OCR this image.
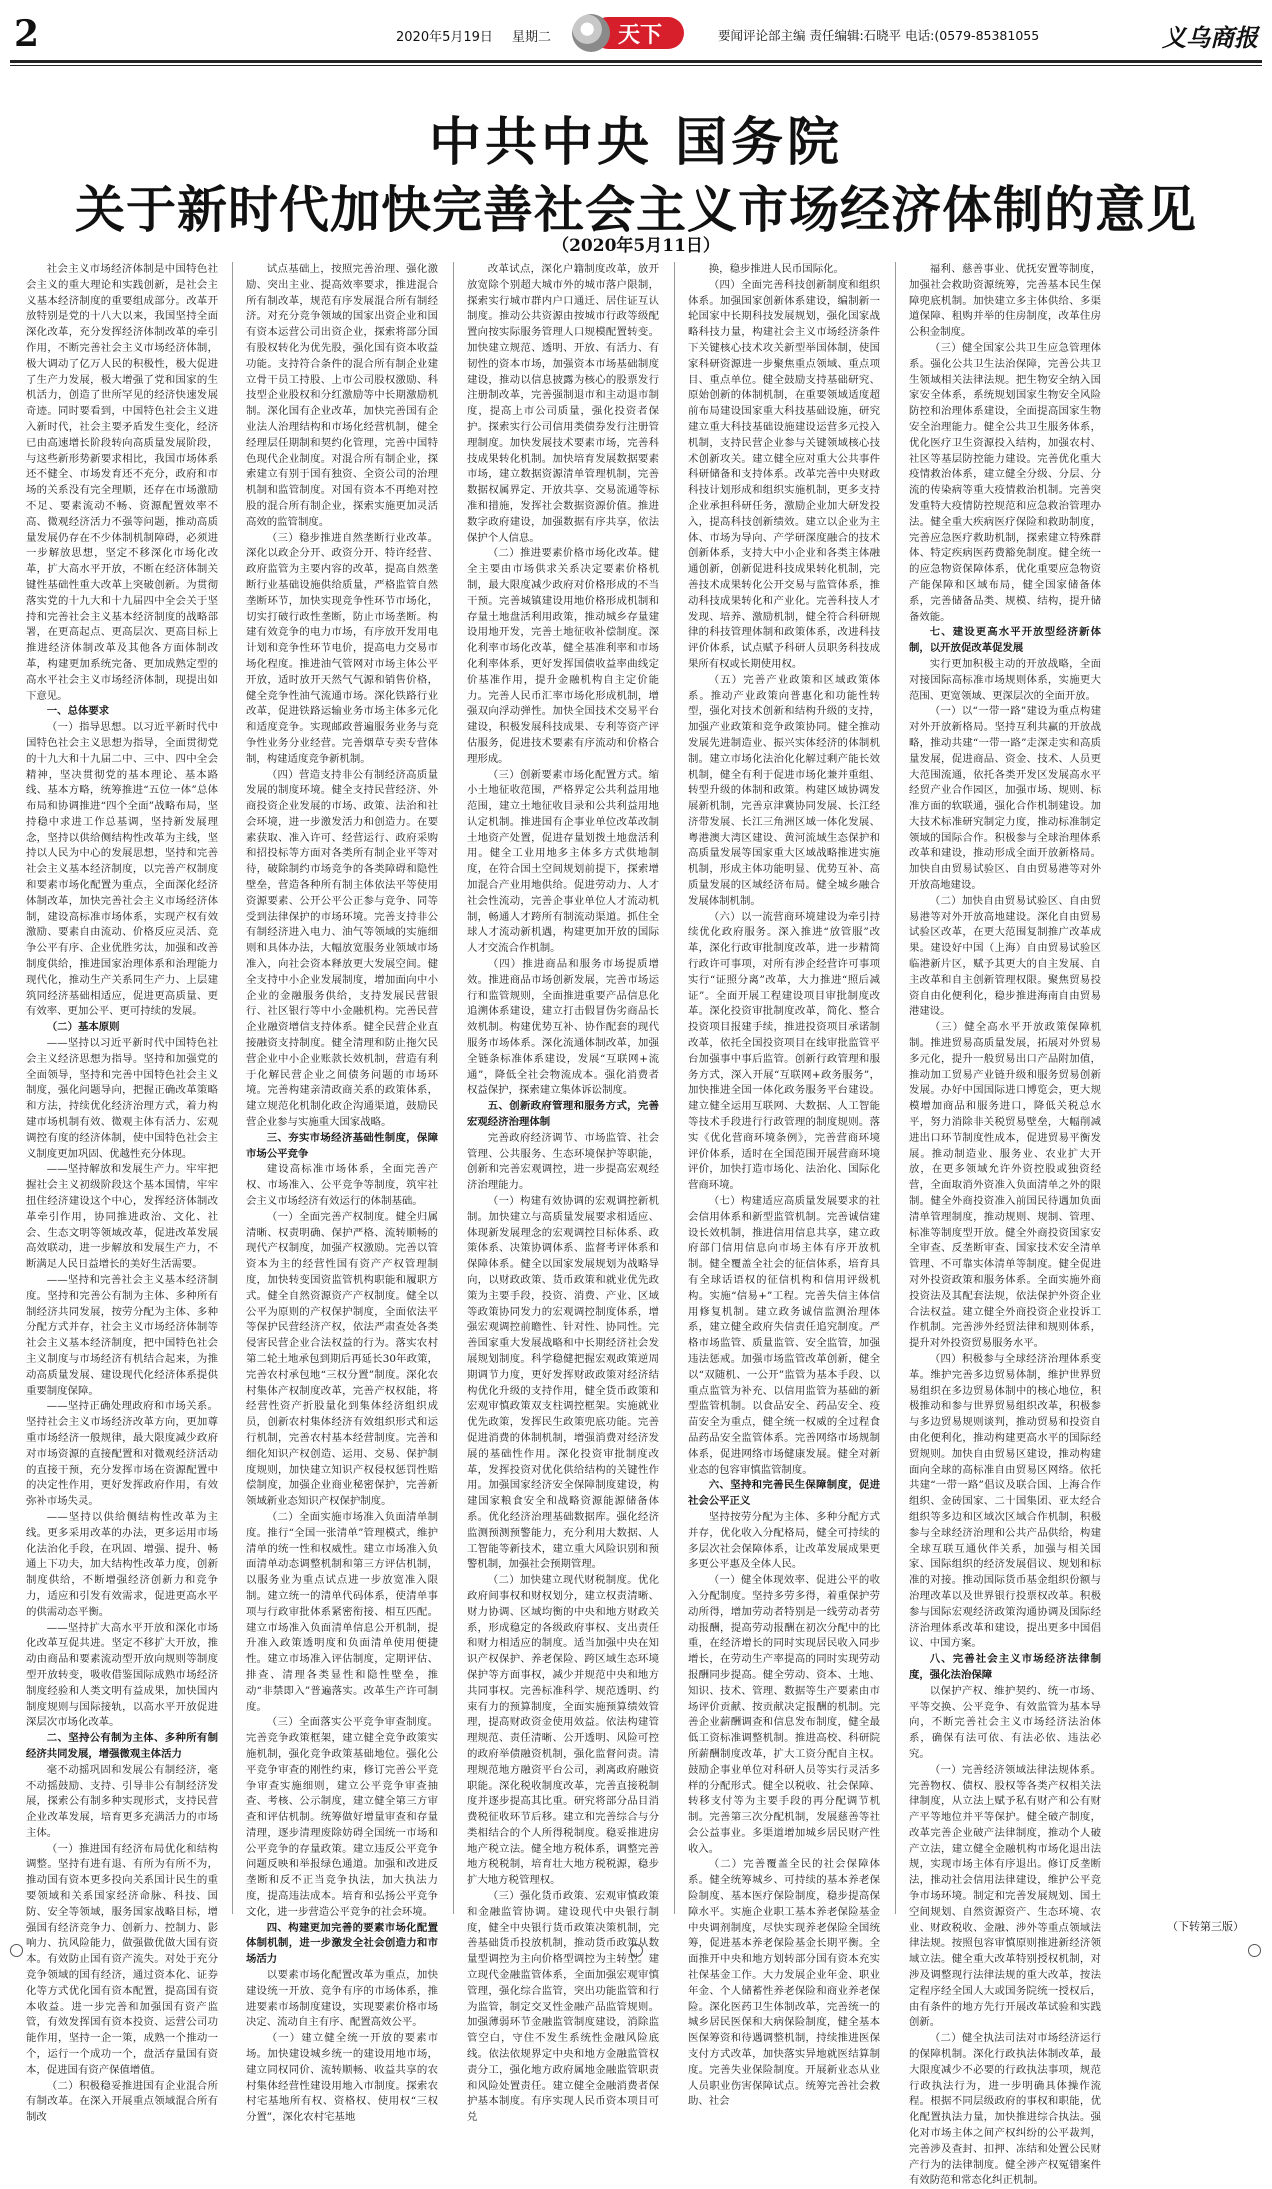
2	2020年5月19日 星期二	天下	要闻评论部主编 责任编辑:石晓平 电话:(0579-85381055	义乌商报
中共中央 国务院
关于新时代加快完善社会主义市场经济体制的意见
（2020年5月11日）

社会主义市场经济体制是中国特色社会主义的重大理论和实践创新，是社会主义基本经济制度的重要组成部分。改革开放特别是党的十八大以来，我国坚持全面深化改革，充分发挥经济体制改革的牵引作用，不断完善社会主义市场经济体制，极大调动了亿万人民的积极性，极大促进了生产力发展，极大增强了党和国家的生机活力，创造了世所罕见的经济快速发展奇迹。同时要看到，中国特色社会主义进入新时代，社会主要矛盾发生变化，经济已由高速增长阶段转向高质量发展阶段，与这些新形势新要求相比，我国市场体系还不健全、市场发育还不充分，政府和市场的关系没有完全理顺，还存在市场激励不足、要素流动不畅、资源配置效率不高、微观经济活力不强等问题，推动高质量发展仍存在不少体制机制障碍，必须进一步解放思想，坚定不移深化市场化改革，扩大高水平开放，不断在经济体制关键性基础性重大改革上突破创新。为贯彻落实党的十九大和十九届四中全会关于坚持和完善社会主义基本经济制度的战略部署，在更高起点、更高层次、更高目标上推进经济体制改革及其他各方面体制改革，构建更加系统完备、更加成熟定型的高水平社会主义市场经济体制，现提出如下意见。

一、总体要求

（一）指导思想。以习近平新时代中国特色社会主义思想为指导，全面贯彻党的十九大和十九届二中、三中、四中全会精神，坚决贯彻党的基本理论、基本路线、基本方略，统筹推进“五位一体”总体布局和协调推进“四个全面”战略布局，坚持稳中求进工作总基调，坚持新发展理念，坚持以供给侧结构性改革为主线，坚持以人民为中心的发展思想，坚持和完善社会主义基本经济制度，以完善产权制度和要素市场化配置为重点，全面深化经济体制改革，加快完善社会主义市场经济体制，建设高标准市场体系，实现产权有效激励、要素自由流动、价格反应灵活、竞争公平有序、企业优胜劣汰，加强和改善制度供给，推进国家治理体系和治理能力现代化，推动生产关系同生产力、上层建筑同经济基础相适应，促进更高质量、更有效率、更加公平、更可持续的发展。

（二）基本原则

——坚持以习近平新时代中国特色社会主义经济思想为指导。坚持和加强党的全面领导，坚持和完善中国特色社会主义制度，强化问题导向，把握正确改革策略和方法，持续优化经济治理方式，着力构建市场机制有效、微观主体有活力、宏观调控有度的经济体制，使中国特色社会主义制度更加巩固、优越性充分体现。

——坚持解放和发展生产力。牢牢把握社会主义初级阶段这个基本国情，牢牢扭住经济建设这个中心，发挥经济体制改革牵引作用，协同推进政治、文化、社会、生态文明等领域改革，促进改革发展高效联动，进一步解放和发展生产力，不断满足人民日益增长的美好生活需要。

——坚持和完善社会主义基本经济制度。坚持和完善公有制为主体、多种所有制经济共同发展，按劳分配为主体、多种分配方式并存，社会主义市场经济体制等社会主义基本经济制度，把中国特色社会主义制度与市场经济有机结合起来，为推动高质量发展、建设现代化经济体系提供重要制度保障。

——坚持正确处理政府和市场关系。坚持社会主义市场经济改革方向，更加尊重市场经济一般规律，最大限度减少政府对市场资源的直接配置和对微观经济活动的直接干预，充分发挥市场在资源配置中的决定性作用，更好发挥政府作用，有效弥补市场失灵。

——坚持以供给侧结构性改革为主线。更多采用改革的办法，更多运用市场化法治化手段，在巩固、增强、提升、畅通上下功夫，加大结构性改革力度，创新制度供给，不断增强经济创新力和竞争力，适应和引发有效需求，促进更高水平的供需动态平衡。

——坚持扩大高水平开放和深化市场化改革互促共进。坚定不移扩大开放，推动由商品和要素流动型开放向规则等制度型开放转变，吸收借鉴国际成熟市场经济制度经验和人类文明有益成果，加快国内制度规则与国际接轨，以高水平开放促进深层次市场化改革。

二、坚持公有制为主体、多种所有制经济共同发展，增强微观主体活力

毫不动摇巩固和发展公有制经济，毫不动摇鼓励、支持、引导非公有制经济发展，探索公有制多种实现形式，支持民营企业改革发展，培育更多充满活力的市场主体。

（一）推进国有经济布局优化和结构调整。坚持有进有退、有所为有所不为，推动国有资本更多投向关系国计民生的重要领域和关系国家经济命脉、科技、国防、安全等领域，服务国家战略目标，增强国有经济竞争力、创新力、控制力、影响力、抗风险能力，做强做优做大国有资本。有效防止国有资产流失。对处于充分竞争领域的国有经济，通过资本化、证券化等方式优化国有资本配置，提高国有资本收益。进一步完善和加强国有资产监管，有效发挥国有资本投资、运营公司功能作用，坚持一企一策，成熟一个推动一个，运行一个成功一个，盘活存量国有资本，促进国有资产保值增值。

（二）积极稳妥推进国有企业混合所有制改革。在深入开展重点领域混合所有制改

试点基础上，按照完善治理、强化激励、突出主业、提高效率要求，推进混合所有制改革，规范有序发展混合所有制经济。对充分竞争领域的国家出资企业和国有资本运营公司出资企业，探索将部分国有股权转化为优先股，强化国有资本收益功能。支持符合条件的混合所有制企业建立骨干员工持股、上市公司股权激励、科技型企业股权和分红激励等中长期激励机制。深化国有企业改革，加快完善国有企业法人治理结构和市场化经营机制，健全经理层任期制和契约化管理，完善中国特色现代企业制度。对混合所有制企业，探索建立有别于国有独资、全资公司的治理机制和监管制度。对国有资本不再绝对控股的混合所有制企业，探索实施更加灵活高效的监管制度。

（三）稳步推进自然垄断行业改革。深化以政企分开、政资分开、特许经营、政府监管为主要内容的改革，提高自然垄断行业基础设施供给质量，严格监管自然垄断环节，加快实现竞争性环节市场化，切实打破行政性垄断，防止市场垄断。构建有效竞争的电力市场，有序放开发用电计划和竞争性环节电价，提高电力交易市场化程度。推进油气管网对市场主体公平开放，适时放开天然气气源和销售价格，健全竞争性油气流通市场。深化铁路行业改革，促进铁路运输业务市场主体多元化和适度竞争。实现邮政普遍服务业务与竞争性业务分业经营。完善烟草专卖专营体制，构建适度竞争新机制。

（四）营造支持非公有制经济高质量发展的制度环境。健全支持民营经济、外商投资企业发展的市场、政策、法治和社会环境，进一步激发活力和创造力。在要素获取、准入许可、经营运行、政府采购和招投标等方面对各类所有制企业平等对待，破除制约市场竞争的各类障碍和隐性壁垒，营造各种所有制主体依法平等使用资源要素、公开公平公正参与竞争、同等受到法律保护的市场环境。完善支持非公有制经济进入电力、油气等领域的实施细则和具体办法，大幅放宽服务业领域市场准入，向社会资本释放更大发展空间。健全支持中小企业发展制度，增加面向中小企业的金融服务供给，支持发展民营银行、社区银行等中小金融机构。完善民营企业融资增信支持体系。健全民营企业直接融资支持制度。健全清理和防止拖欠民营企业中小企业账款长效机制，营造有利于化解民营企业之间债务问题的市场环境。完善构建亲清政商关系的政策体系，建立规范化机制化政企沟通渠道，鼓励民营企业参与实施重大国家战略。

三、夯实市场经济基础性制度，保障市场公平竞争

建设高标准市场体系，全面完善产权、市场准入、公平竞争等制度，筑牢社会主义市场经济有效运行的体制基础。

（一）全面完善产权制度。健全归属清晰、权责明确、保护严格、流转顺畅的现代产权制度，加强产权激励。完善以管资本为主的经营性国有资产产权管理制度，加快转变国资监管机构职能和履职方式。健全自然资源资产产权制度。健全以公平为原则的产权保护制度，全面依法平等保护民营经济产权，依法严肃查处各类侵害民营企业合法权益的行为。落实农村第二轮土地承包到期后再延长30年政策，完善农村承包地“三权分置”制度。深化农村集体产权制度改革，完善产权权能，将经营性资产折股量化到集体经济组织成员，创新农村集体经济有效组织形式和运行机制，完善农村基本经营制度。完善和细化知识产权创造、运用、交易、保护制度规则，加快建立知识产权侵权惩罚性赔偿制度，加强企业商业秘密保护，完善新领域新业态知识产权保护制度。

（二）全面实施市场准入负面清单制度。推行“全国一张清单”管理模式，维护清单的统一性和权威性。建立市场准入负面清单动态调整机制和第三方评估机制，以服务业为重点试点进一步放宽准入限制。建立统一的清单代码体系，使清单事项与行政审批体系紧密衔接、相互匹配。建立市场准入负面清单信息公开机制，提升准入政策透明度和负面清单使用便捷性。建立市场准入评估制度，定期评估、排查、清理各类显性和隐性壁垒，推动“非禁即入”普遍落实。改革生产许可制度。

（三）全面落实公平竞争审查制度。完善竞争政策框架，建立健全竞争政策实施机制，强化竞争政策基础地位。强化公平竞争审查的刚性约束，修订完善公平竞争审查实施细则，建立公平竞争审查抽查、考核、公示制度，建立健全第三方审查和评估机制。统筹做好增量审查和存量清理，逐步清理废除妨碍全国统一市场和公平竞争的存量政策。建立违反公平竞争问题反映和举报绿色通道。加强和改进反垄断和反不正当竞争执法，加大执法力度，提高违法成本。培育和弘扬公平竞争文化，进一步营造公平竞争的社会环境。

四、构建更加完善的要素市场化配置体制机制，进一步激发全社会创造力和市场活力

以要素市场化配置改革为重点，加快建设统一开放、竞争有序的市场体系，推进要素市场制度建设，实现要素价格市场决定、流动自主有序、配置高效公平。

（一）建立健全统一开放的要素市场。加快建设城乡统一的建设用地市场，建立同权同价、流转顺畅、收益共享的农村集体经营性建设用地入市制度。探索农村宅基地所有权、资格权、使用权“三权分置”，深化农村宅基地

改革试点，深化户籍制度改革，放开放宽除个别超大城市外的城市落户限制，探索实行城市群内户口通迁、居住证互认制度。推动公共资源由按城市行政等级配置向按实际服务管理人口规模配置转变。加快建立规范、透明、开放、有活力、有韧性的资本市场，加强资本市场基础制度建设，推动以信息披露为核心的股票发行注册制改革，完善强制退市和主动退市制度，提高上市公司质量，强化投资者保护。探索实行公司信用类债券发行注册管理制度。加快发展技术要素市场，完善科技成果转化机制。加快培育发展数据要素市场，建立数据资源清单管理机制，完善数据权属界定、开放共享、交易流通等标准和措施，发挥社会数据资源价值。推进数字政府建设，加强数据有序共享，依法保护个人信息。

（二）推进要素价格市场化改革。健全主要由市场供求关系决定要素价格机制，最大限度减少政府对价格形成的不当干预。完善城镇建设用地价格形成机制和存量土地盘活利用政策，推动城乡存量建设用地开发，完善土地征收补偿制度。深化利率市场化改革，健全基准利率和市场化利率体系，更好发挥国债收益率曲线定价基准作用，提升金融机构自主定价能力。完善人民币汇率市场化形成机制，增强双向浮动弹性。加快全国技术交易平台建设，积极发展科技成果、专利等资产评估服务，促进技术要素有序流动和价格合理形成。

（三）创新要素市场化配置方式。缩小土地征收范围，严格界定公共利益用地范围，建立土地征收目录和公共利益用地认定机制。推进国有企事业单位改革改制土地资产处置，促进存量划拨土地盘活利用。健全工业用地多主体多方式供地制度，在符合国土空间规划前提下，探索增加混合产业用地供给。促进劳动力、人才社会性流动，完善企事业单位人才流动机制，畅通人才跨所有制流动渠道。抓住全球人才流动新机遇，构建更加开放的国际人才交流合作机制。

（四）推进商品和服务市场提质增效。推进商品市场创新发展，完善市场运行和监管规则，全面推进重要产品信息化追溯体系建设，建立打击假冒伪劣商品长效机制。构建优势互补、协作配套的现代服务市场体系。深化流通体制改革，加强全链条标准体系建设，发展“互联网+流通”，降低全社会物流成本。强化消费者权益保护，探索建立集体诉讼制度。

五、创新政府管理和服务方式，完善宏观经济治理体制

完善政府经济调节、市场监管、社会管理、公共服务、生态环境保护等职能，创新和完善宏观调控，进一步提高宏观经济治理能力。

（一）构建有效协调的宏观调控新机制。加快建立与高质量发展要求相适应、体现新发展理念的宏观调控目标体系、政策体系、决策协调体系、监督考评体系和保障体系。健全以国家发展规划为战略导向，以财政政策、货币政策和就业优先政策为主要手段，投资、消费、产业、区域等政策协同发力的宏观调控制度体系，增强宏观调控前瞻性、针对性、协同性。完善国家重大发展战略和中长期经济社会发展规划制度。科学稳健把握宏观政策逆周期调节力度，更好发挥财政政策对经济结构优化升级的支持作用，健全货币政策和宏观审慎政策双支柱调控框架。实施就业优先政策，发挥民生政策兜底功能。完善促进消费的体制机制，增强消费对经济发展的基础性作用。深化投资审批制度改革，发挥投资对优化供给结构的关键性作用。加强国家经济安全保障制度建设，构建国家粮食安全和战略资源能源储备体系。优化经济治理基础数据库。强化经济监测预测预警能力，充分利用大数据、人工智能等新技术，建立重大风险识别和预警机制，加强社会预期管理。

（二）加快建立现代财税制度。优化政府间事权和财权划分，建立权责清晰、财力协调、区域均衡的中央和地方财政关系，形成稳定的各级政府事权、支出责任和财力相适应的制度。适当加强中央在知识产权保护、养老保险、跨区域生态环境保护等方面事权，减少并规范中央和地方共同事权。完善标准科学、规范透明、约束有力的预算制度，全面实施预算绩效管理，提高财政资金使用效益。依法构建管理规范、责任清晰、公开透明、风险可控的政府举债融资机制，强化监督问责。清理规范地方融资平台公司，剥离政府融资职能。深化税收制度改革，完善直接税制度并逐步提高其比重。研究将部分品目消费税征收环节后移。建立和完善综合与分类相结合的个人所得税制度。稳妥推进房地产税立法。健全地方税体系，调整完善地方税税制，培育壮大地方税税源，稳步扩大地方税管理权。

（三）强化货币政策、宏观审慎政策和金融监管协调。建设现代中央银行制度，健全中央银行货币政策决策机制，完善基础货币投放机制，推动货币政策从数量型调控为主向价格型调控为主转型。建立现代金融监管体系，全面加强宏观审慎管理，强化综合监管，突出功能监管和行为监管，制定交叉性金融产品监管规则。加强薄弱环节金融监管制度建设，消除监管空白，守住不发生系统性金融风险底线。依法依规界定中央和地方金融监管权责分工，强化地方政府属地金融监管职责和风险处置责任。建立健全金融消费者保护基本制度。有序实现人民币资本项目可兑

换，稳步推进人民币国际化。

（四）全面完善科技创新制度和组织体系。加强国家创新体系建设，编制新一轮国家中长期科技发展规划，强化国家战略科技力量，构建社会主义市场经济条件下关键核心技术攻关新型举国体制，使国家科研资源进一步聚焦重点领域、重点项目、重点单位。健全鼓励支持基础研究、原始创新的体制机制，在重要领域适度超前布局建设国家重大科技基础设施，研究建立重大科技基础设施建设运营多元投入机制，支持民营企业参与关键领域核心技术创新攻关。建立健全应对重大公共事件科研储备和支持体系。改革完善中央财政科技计划形成和组织实施机制，更多支持企业承担科研任务，激励企业加大研发投入，提高科技创新绩效。建立以企业为主体、市场为导向、产学研深度融合的技术创新体系，支持大中小企业和各类主体融通创新，创新促进科技成果转化机制，完善技术成果转化公开交易与监管体系，推动科技成果转化和产业化。完善科技人才发现、培养、激励机制，健全符合科研规律的科技管理体制和政策体系，改进科技评价体系，试点赋予科研人员职务科技成果所有权或长期使用权。

（五）完善产业政策和区域政策体系。推动产业政策向普惠化和功能性转型，强化对技术创新和结构升级的支持，加强产业政策和竞争政策协同。健全推动发展先进制造业、振兴实体经济的体制机制。建立市场化法治化化解过剩产能长效机制，健全有利于促进市场化兼并重组、转型升级的体制和政策。构建区域协调发展新机制，完善京津冀协同发展、长江经济带发展、长江三角洲区域一体化发展、粤港澳大湾区建设、黄河流域生态保护和高质量发展等国家重大区域战略推进实施机制，形成主体功能明显、优势互补、高质量发展的区域经济布局。健全城乡融合发展体制机制。

（六）以一流营商环境建设为牵引持续优化政府服务。深入推进“放管服”改革，深化行政审批制度改革，进一步精简行政许可事项，对所有涉企经营许可事项实行“证照分离”改革，大力推进“照后减证”。全面开展工程建设项目审批制度改革。深化投资审批制度改革，简化、整合投资项目报建手续，推进投资项目承诺制改革，依托全国投资项目在线审批监管平台加强事中事后监管。创新行政管理和服务方式，深入开展“互联网+政务服务”，加快推进全国一体化政务服务平台建设。建立健全运用互联网、大数据、人工智能等技术手段进行行政管理的制度规则。落实《优化营商环境条例》，完善营商环境评价体系，适时在全国范围开展营商环境评价，加快打造市场化、法治化、国际化营商环境。

（七）构建适应高质量发展要求的社会信用体系和新型监管机制。完善诚信建设长效机制，推进信用信息共享，建立政府部门信用信息向市场主体有序开放机制。健全覆盖全社会的征信体系，培育具有全球话语权的征信机构和信用评级机构。实施“信易+”工程。完善失信主体信用修复机制。建立政务诚信监测治理体系，建立健全政府失信责任追究制度。严格市场监管、质量监管、安全监管，加强违法惩戒。加强市场监管改革创新，健全以“双随机、一公开”监管为基本手段、以重点监管为补充、以信用监管为基础的新型监管机制。以食品安全、药品安全、疫苗安全为重点，健全统一权威的全过程食品药品安全监管体系。完善网络市场规制体系，促进网络市场健康发展。健全对新业态的包容审慎监管制度。

六、坚持和完善民生保障制度，促进社会公平正义

坚持按劳分配为主体、多种分配方式并存，优化收入分配格局，健全可持续的多层次社会保障体系，让改革发展成果更多更公平惠及全体人民。

（一）健全体现效率、促进公平的收入分配制度。坚持多劳多得，着重保护劳动所得，增加劳动者特别是一线劳动者劳动报酬，提高劳动报酬在初次分配中的比重，在经济增长的同时实现居民收入同步增长，在劳动生产率提高的同时实现劳动报酬同步提高。健全劳动、资本、土地、知识、技术、管理、数据等生产要素由市场评价贡献、按贡献决定报酬的机制。完善企业薪酬调查和信息发布制度，健全最低工资标准调整机制。推进高校、科研院所薪酬制度改革，扩大工资分配自主权。鼓励企事业单位对科研人员等实行灵活多样的分配形式。健全以税收、社会保障、转移支付等为主要手段的再分配调节机制。完善第三次分配机制，发展慈善等社会公益事业。多渠道增加城乡居民财产性收入。

（二）完善覆盖全民的社会保障体系。健全统筹城乡、可持续的基本养老保险制度、基本医疗保险制度，稳步提高保障水平。实施企业职工基本养老保险基金中央调剂制度，尽快实现养老保险全国统筹，促进基本养老保险基金长期平衡。全面推开中央和地方划转部分国有资本充实社保基金工作。大力发展企业年金、职业年金、个人储蓄性养老保险和商业养老保险。深化医药卫生体制改革，完善统一的城乡居民医保和大病保险制度，健全基本医保筹资和待遇调整机制，持续推进医保支付方式改革，加快落实异地就医结算制度。完善失业保险制度。开展新业态从业人员职业伤害保障试点。统筹完善社会救助、社会

福利、慈善事业、优抚安置等制度，加强社会救助资源统筹，完善基本民生保障兜底机制。加快建立多主体供给、多渠道保障、租购并举的住房制度，改革住房公积金制度。

（三）健全国家公共卫生应急管理体系。强化公共卫生法治保障，完善公共卫生领域相关法律法规。把生物安全纳入国家安全体系，系统规划国家生物安全风险防控和治理体系建设，全面提高国家生物安全治理能力。健全公共卫生服务体系，优化医疗卫生资源投入结构，加强农村、社区等基层防控能力建设。完善优化重大疫情救治体系，建立健全分级、分层、分流的传染病等重大疫情救治机制。完善突发重特大疫情防控规范和应急救治管理办法。健全重大疾病医疗保险和救助制度，完善应急医疗救助机制，探索建立特殊群体、特定疾病医药费豁免制度。健全统一的应急物资保障体系，优化重要应急物资产能保障和区域布局，健全国家储备体系，完善储备品类、规模、结构，提升储备效能。

七、建设更高水平开放型经济新体制，以开放促改革促发展

实行更加积极主动的开放战略，全面对接国际高标准市场规则体系，实施更大范围、更宽领域、更深层次的全面开放。

（一）以“一带一路”建设为重点构建对外开放新格局。坚持互利共赢的开放战略，推动共建“一带一路”走深走实和高质量发展，促进商品、资金、技术、人员更大范围流通，依托各类开发区发展高水平经贸产业合作园区，加强市场、规则、标准方面的软联通，强化合作机制建设。加大技术标准研究制定力度，推动标准制定领域的国际合作。积极参与全球治理体系改革和建设，推动形成全面开放新格局。加快自由贸易试验区、自由贸易港等对外开放高地建设。

（二）加快自由贸易试验区、自由贸易港等对外开放高地建设。深化自由贸易试验区改革，在更大范围复制推广改革成果。建设好中国（上海）自由贸易试验区临港新片区，赋予其更大的自主发展、自主改革和自主创新管理权限。聚焦贸易投资自由化便利化，稳步推进海南自由贸易港建设。

（三）健全高水平开放政策保障机制。推进贸易高质量发展，拓展对外贸易多元化，提升一般贸易出口产品附加值，推动加工贸易产业链升级和服务贸易创新发展。办好中国国际进口博览会，更大规模增加商品和服务进口，降低关税总水平，努力消除非关税贸易壁垒，大幅削减进出口环节制度性成本，促进贸易平衡发展。推动制造业、服务业、农业扩大开放，在更多领域允许外资控股或独资经营，全面取消外资准入负面清单之外的限制。健全外商投资准入前国民待遇加负面清单管理制度，推动规则、规制、管理、标准等制度型开放。健全外商投资国家安全审查、反垄断审查、国家技术安全清单管理、不可靠实体清单等制度。健全促进对外投资政策和服务体系。全面实施外商投资法及其配套法规，依法保护外资企业合法权益。建立健全外商投资企业投诉工作机制。完善涉外经贸法律和规则体系，提升对外投资贸易服务水平。

（四）积极参与全球经济治理体系变革。维护完善多边贸易体制，维护世界贸易组织在多边贸易体制中的核心地位，积极推动和参与世界贸易组织改革，积极参与多边贸易规则谈判，推动贸易和投资自由化便利化，推动构建更高水平的国际经贸规则。加快自由贸易区建设，推动构建面向全球的高标准自由贸易区网络。依托共建“一带一路”倡议及联合国、上海合作组织、金砖国家、二十国集团、亚太经合组织等多边和区域次区域合作机制，积极参与全球经济治理和公共产品供给，构建全球互联互通伙伴关系，加强与相关国家、国际组织的经济发展倡议、规划和标准的对接。推动国际货币基金组织份额与治理改革以及世界银行投票权改革。积极参与国际宏观经济政策沟通协调及国际经济治理体系改革和建设，提出更多中国倡议、中国方案。

八、完善社会主义市场经济法律制度，强化法治保障

以保护产权、维护契约、统一市场、平等交换、公平竞争、有效监管为基本导向，不断完善社会主义市场经济法治体系，确保有法可依、有法必依、违法必究。

（一）完善经济领域法律法规体系。完善物权、债权、股权等各类产权相关法律制度，从立法上赋予私有财产和公有财产平等地位并平等保护。健全破产制度，改革完善企业破产法律制度，推动个人破产立法，建立健全金融机构市场化退出法规，实现市场主体有序退出。修订反垄断法，推动社会信用法律建设，维护公平竞争市场环境。制定和完善发展规划、国土空间规划、自然资源资产、生态环境、农业、财政税收、金融、涉外等重点领域法律法规。按照包容审慎原则推进新经济领域立法。健全重大改革特别授权机制，对涉及调整现行法律法规的重大改革，按法定程序经全国人大或国务院统一授权后，由有条件的地方先行开展改革试验和实践创新。

（二）健全执法司法对市场经济运行的保障机制。深化行政执法体制改革，最大限度减少不必要的行政执法事项，规范行政执法行为，进一步明确具体操作流程。根据不同层级政府的事权和职能，优化配置执法力量，加快推进综合执法。强化对市场主体之间产权纠纷的公平裁判，完善涉及查封、扣押、冻结和处置公民财产行为的法律制度。健全涉产权冤错案件有效防范和常态化纠正机制。

（下转第三版）
